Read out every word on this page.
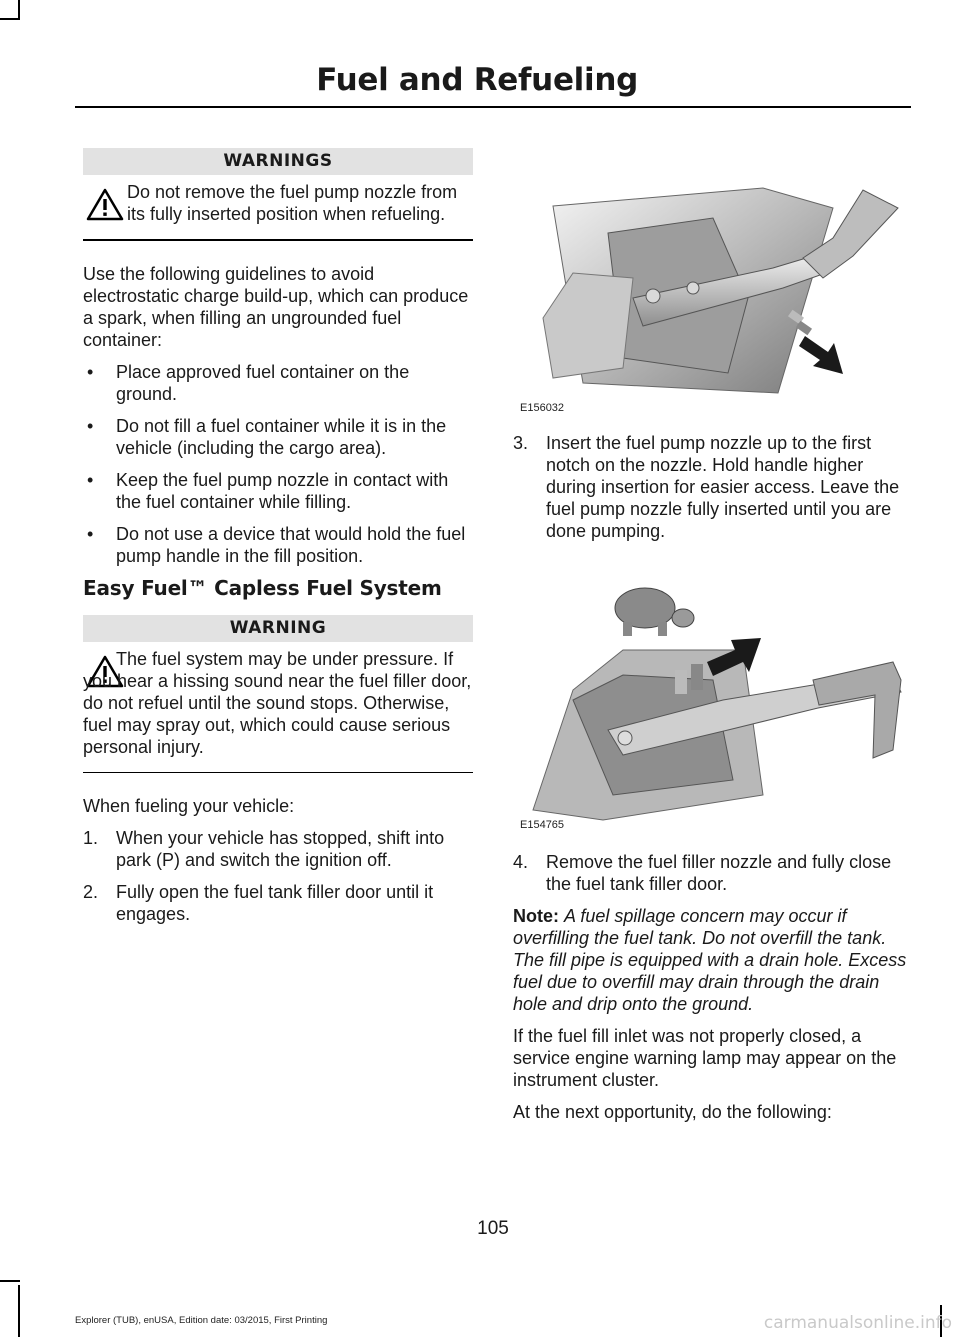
Fuel and Refueling
WARNINGS

Do not remove the fuel pump nozzle from its fully inserted position when refueling.

Use the following guidelines to avoid electrostatic charge build-up, which can produce a spark, when filling an ungrounded fuel container:

• Place approved fuel container on the ground.
• Do not fill a fuel container while it is in the vehicle (including the cargo area).
• Keep the fuel pump nozzle in contact with the fuel container while filling.
• Do not use a device that would hold the fuel pump handle in the fill position.
Easy Fuel™ Capless Fuel System
WARNING

The fuel system may be under pressure. If you hear a hissing sound near the fuel filler door, do not refuel until the sound stops. Otherwise, fuel may spray out, which could cause serious personal injury.

When fueling your vehicle:

1. When your vehicle has stopped, shift into park (P) and switch the ignition off.
2. Fully open the fuel tank filler door until it engages.
E156032
3. Insert the fuel pump nozzle up to the first notch on the nozzle. Hold handle higher during insertion for easier access. Leave the fuel pump nozzle fully inserted until you are done pumping.
E154765
4. Remove the fuel filler nozzle and fully close the fuel tank filler door.

Note: A fuel spillage concern may occur if overfilling the fuel tank. Do not overfill the tank. The fill pipe is equipped with a drain hole. Excess fuel due to overfill may drain through the drain hole and drip onto the ground.

If the fuel fill inlet was not properly closed, a service engine warning lamp may appear on the instrument cluster.

At the next opportunity, do the following:

105
Explorer (TUB), enUSA, Edition date: 03/2015, First Printing	carmanualsonline.info
